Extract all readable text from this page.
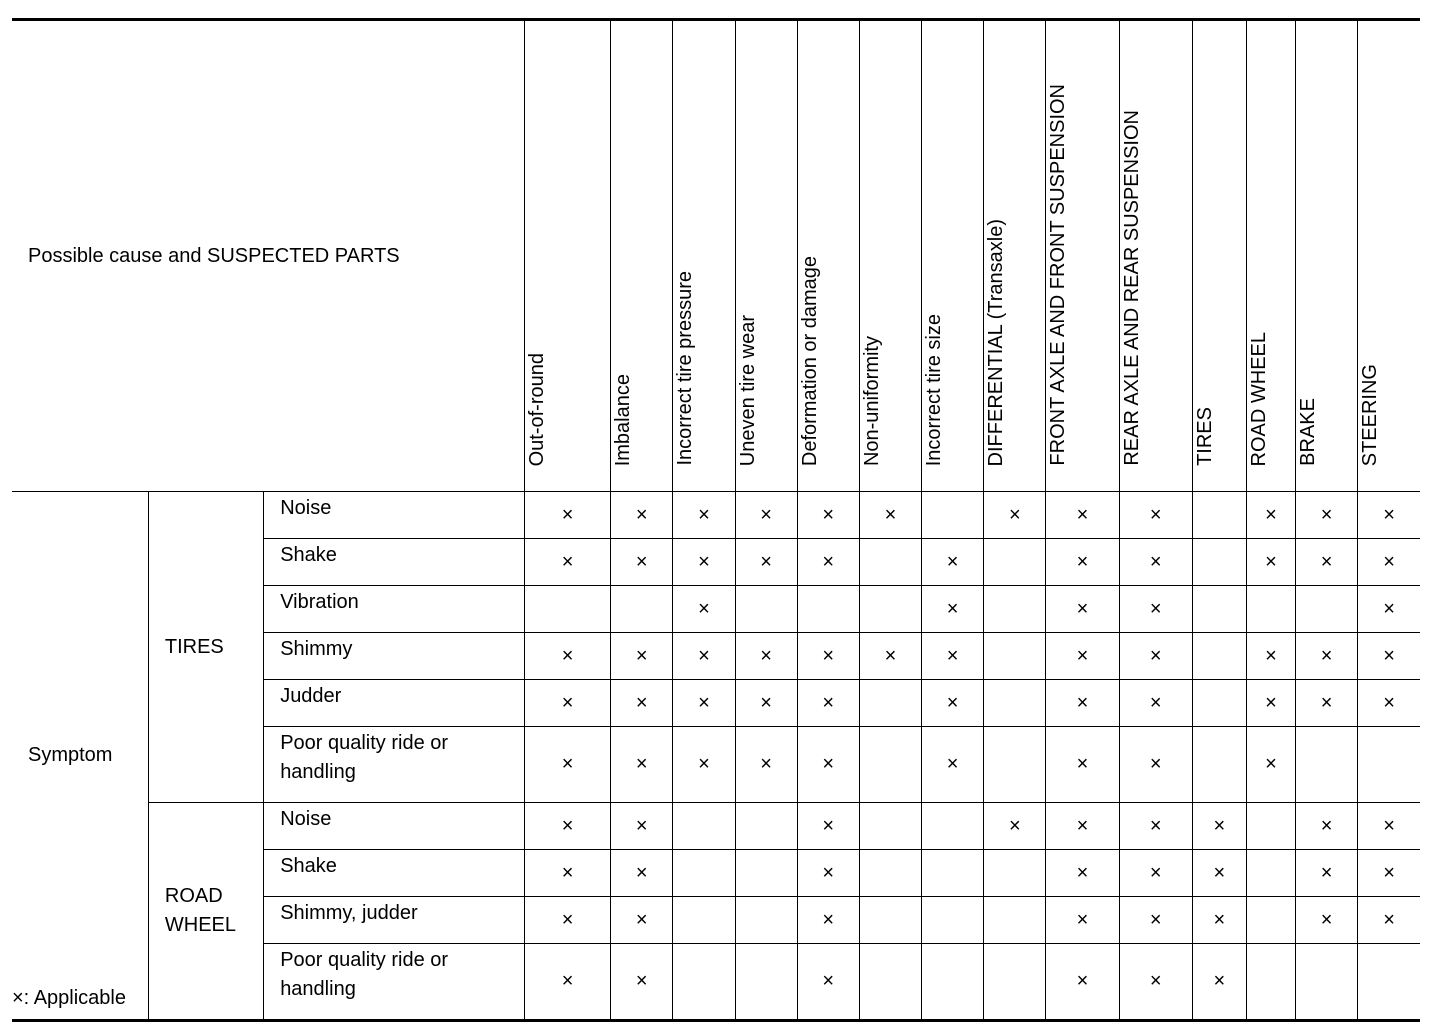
Possible cause and SUSPECTED PARTS			Out-of-round	Imbalance	Incorrect tire pressure	Uneven tire wear	Deformation or damage	Non-uniformity	Incorrect tire size	DIFFERENTIAL (Transaxle)	FRONT AXLE AND FRONT SUSPENSION	REAR AXLE AND REAR SUSPENSION	TIRES	ROAD WHEEL	BRAKE	STEERING
Symptom	TIRES	Noise	×	×	×	×	×	×		×	×	×		×	×	×
		Shake	×	×	×	×	×		×		×	×		×	×	×
		Vibration			×				×		×	×				×
		Shimmy	×	×	×	×	×	×	×		×	×		×	×	×
		Judder	×	×	×	×	×		×		×	×		×	×	×
		Poor quality ride or handling	×	×	×	×	×		×		×	×		×		
	ROAD WHEEL	Noise	×	×			×			×	×	×	×		×	×
		Shake	×	×			×				×	×	×		×	×
		Shimmy, judder	×	×			×				×	×	×		×	×
		Poor quality ride or handling	×	×			×				×	×	×			
×: Applicable
